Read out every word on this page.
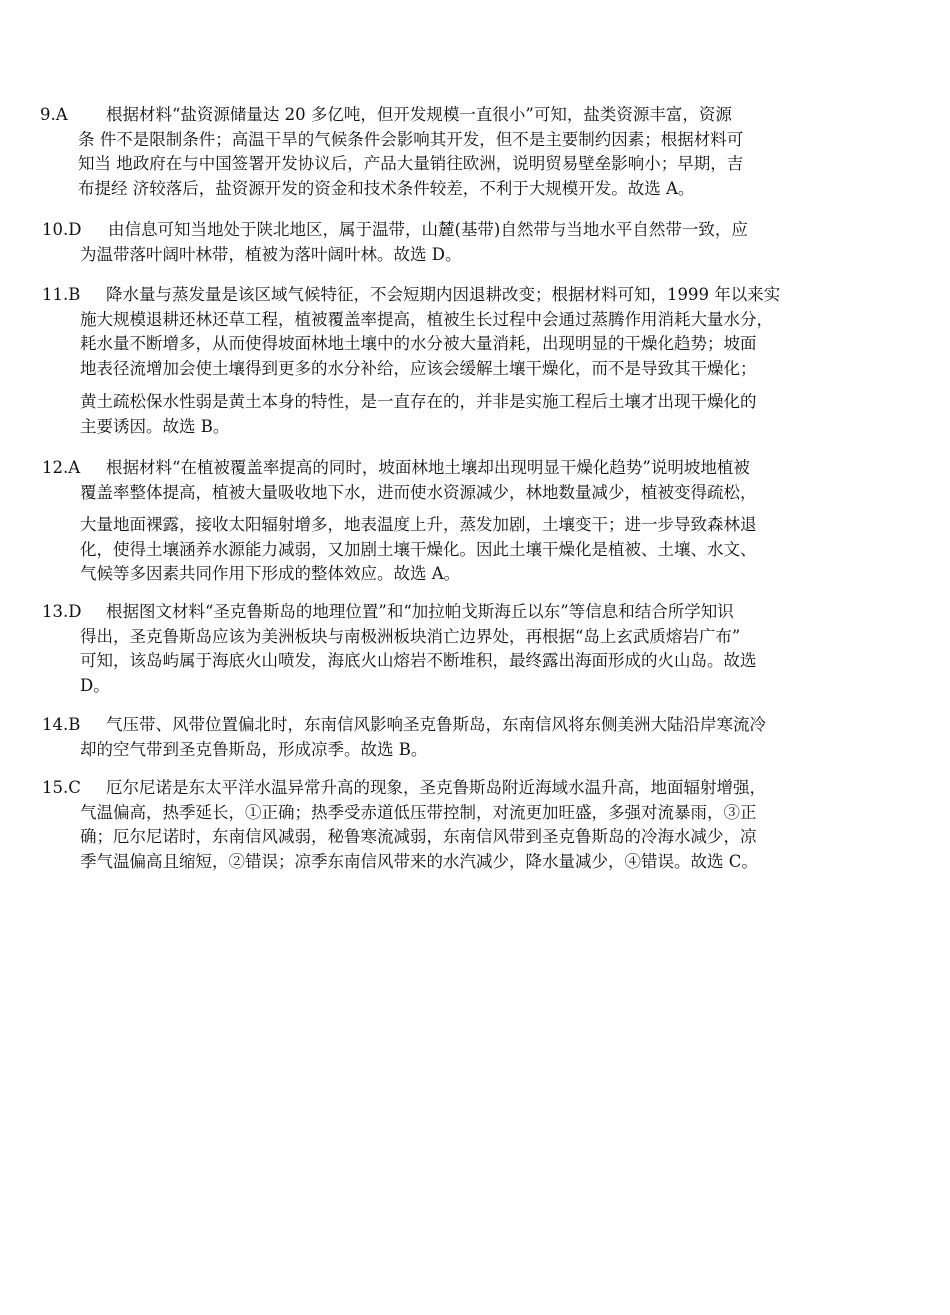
9.A	根据材料“盐资源储量达 20 多亿吨，但开发规模一直很小”可知，盐类资源丰富，资源
条 件不是限制条件；高温干旱的气候条件会影响其开发，但不是主要制约因素；根据材料可
知当 地政府在与中国签署开发协议后，产品大量销往欧洲，说明贸易壁垒影响小；早期，吉
布提经 济较落后，盐资源开发的资金和技术条件较差，不利于大规模开发。故选 A。
10.D	由信息可知当地处于陕北地区，属于温带，山麓(基带)自然带与当地水平自然带一致，应
为温带落叶阔叶林带，植被为落叶阔叶林。故选 D。
11.B	降水量与蒸发量是该区域气候特征，不会短期内因退耕改变；根据材料可知，1999 年以来实
施大规模退耕还林还草工程，植被覆盖率提高，植被生长过程中会通过蒸腾作用消耗大量水分，
耗水量不断增多，从而使得坡面林地土壤中的水分被大量消耗，出现明显的干燥化趋势；坡面
地表径流增加会使土壤得到更多的水分补给，应该会缓解土壤干燥化，而不是导致其干燥化；
黄土疏松保水性弱是黄土本身的特性，是一直存在的，并非是实施工程后土壤才出现干燥化的
主要诱因。故选 B。
12.A	根据材料“在植被覆盖率提高的同时，坡面林地土壤却出现明显干燥化趋势”说明坡地植被
覆盖率整体提高，植被大量吸收地下水，进而使水资源减少，林地数量减少，植被变得疏松，
大量地面裸露，接收太阳辐射增多，地表温度上升，蒸发加剧，土壤变干；进一步导致森林退
化，使得土壤涵养水源能力减弱，又加剧土壤干燥化。因此土壤干燥化是植被、土壤、水文、
气候等多因素共同作用下形成的整体效应。故选 A。
13.D	根据图文材料“圣克鲁斯岛的地理位置”和“加拉帕戈斯海丘以东”等信息和结合所学知识
得出，圣克鲁斯岛应该为美洲板块与南极洲板块消亡边界处，再根据“岛上玄武质熔岩广布”
可知，该岛屿属于海底火山喷发，海底火山熔岩不断堆积，最终露出海面形成的火山岛。故选
D。
14.B	气压带、风带位置偏北时，东南信风影响圣克鲁斯岛，东南信风将东侧美洲大陆沿岸寒流冷
却的空气带到圣克鲁斯岛，形成凉季。故选 B。
15.C	厄尔尼诺是东太平洋水温异常升高的现象，圣克鲁斯岛附近海域水温升高，地面辐射增强，
气温偏高，热季延长，①正确；热季受赤道低压带控制，对流更加旺盛，多强对流暴雨，③正
确；厄尔尼诺时，东南信风减弱，秘鲁寒流减弱，东南信风带到圣克鲁斯岛的冷海水减少，凉
季气温偏高且缩短，②错误；凉季东南信风带来的水汽减少，降水量减少，④错误。故选 C。
